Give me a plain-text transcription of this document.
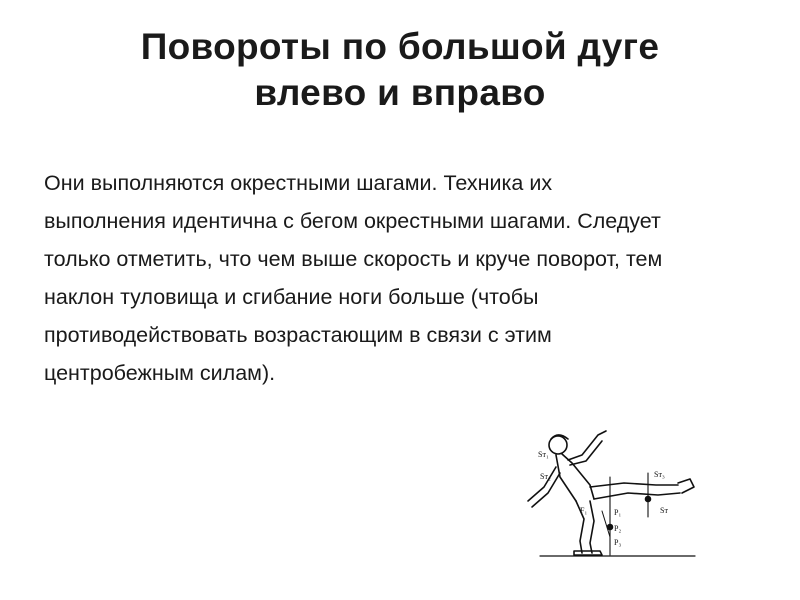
Повороты по большой дуге
влево и вправо

Они выполняются окрестными шагами. Техника их

выполнения идентична с бегом окрестными шагами. Следует

только отметить, что чем выше скорость и круче поворот, тем

наклон туловища и сгибание ноги больше (чтобы

противодействовать возрастающим в связи с этим

центробежным силам).

Sт₁
Sт₂	Sт₃
Sт
Р₁
Р₂
Р₃
F₁
